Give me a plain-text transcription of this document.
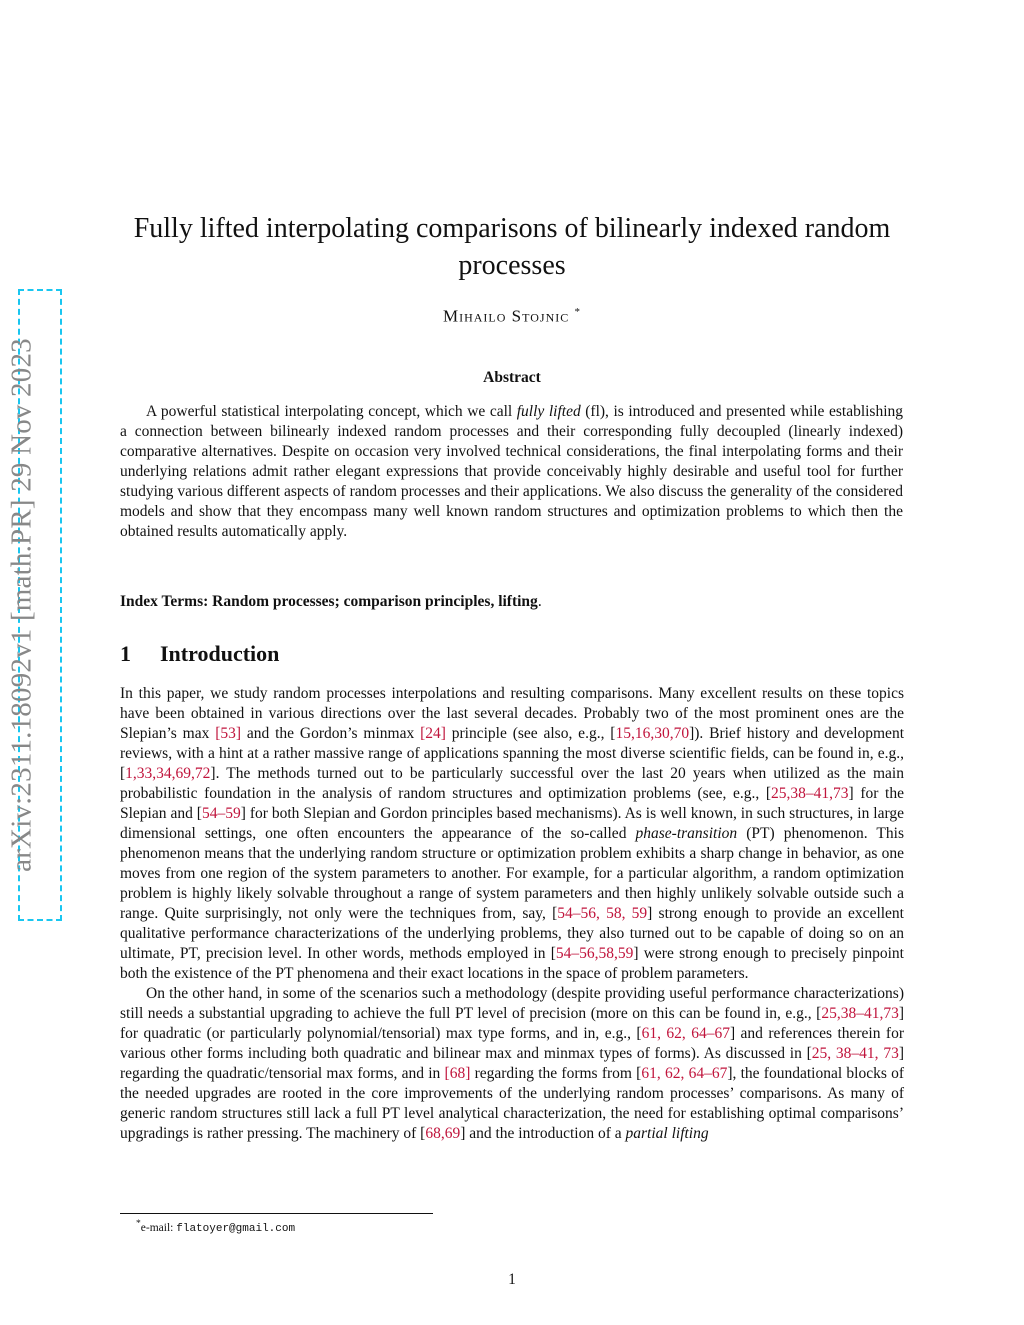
arXiv:2311.18092v1 [math.PR] 29 Nov 2023
Fully lifted interpolating comparisons of bilinearly indexed random processes
Mihailo Stojnic *
Abstract
A powerful statistical interpolating concept, which we call fully lifted (fl), is introduced and presented while establishing a connection between bilinearly indexed random processes and their corresponding fully decoupled (linearly indexed) comparative alternatives. Despite on occasion very involved technical considerations, the final interpolating forms and their underlying relations admit rather elegant expressions that provide conceivably highly desirable and useful tool for further studying various different aspects of random processes and their applications. We also discuss the generality of the considered models and show that they encompass many well known random structures and optimization problems to which then the obtained results automatically apply.
Index Terms: Random processes; comparison principles, lifting.
1 Introduction

In this paper, we study random processes interpolations and resulting comparisons. Many excellent results on these topics have been obtained in various directions over the last several decades. Probably two of the most prominent ones are the Slepian’s max [53] and the Gordon’s minmax [24] principle (see also, e.g., [15,16,30,70]). Brief history and development reviews, with a hint at a rather massive range of applications spanning the most diverse scientific fields, can be found in, e.g., [1,33,34,69,72]. The methods turned out to be particularly successful over the last 20 years when utilized as the main probabilistic foundation in the analysis of random structures and optimization problems (see, e.g., [25,38–41,73] for the Slepian and [54–59] for both Slepian and Gordon principles based mechanisms). As is well known, in such structures, in large dimensional settings, one often encounters the appearance of the so-called phase-transition (PT) phenomenon. This phenomenon means that the underlying random structure or optimization problem exhibits a sharp change in behavior, as one moves from one region of the system parameters to another. For example, for a particular algorithm, a random optimization problem is highly likely solvable throughout a range of system parameters and then highly unlikely solvable outside such a range. Quite surprisingly, not only were the techniques from, say, [54–56, 58, 59] strong enough to provide an excellent qualitative performance characterizations of the underlying problems, they also turned out to be capable of doing so on an ultimate, PT, precision level. In other words, methods employed in [54–56,58,59] were strong enough to precisely pinpoint both the existence of the PT phenomena and their exact locations in the space of problem parameters.

On the other hand, in some of the scenarios such a methodology (despite providing useful performance characterizations) still needs a substantial upgrading to achieve the full PT level of precision (more on this can be found in, e.g., [25,38–41,73] for quadratic (or particularly polynomial/tensorial) max type forms, and in, e.g., [61, 62, 64–67] and references therein for various other forms including both quadratic and bilinear max and minmax types of forms). As discussed in [25, 38–41, 73] regarding the quadratic/tensorial max forms, and in [68] regarding the forms from [61, 62, 64–67], the foundational blocks of the needed upgrades are rooted in the core improvements of the underlying random processes’ comparisons. As many of generic random structures still lack a full PT level analytical characterization, the need for establishing optimal comparisons’ upgradings is rather pressing. The machinery of [68,69] and the introduction of a partial lifting

*e-mail: flatoyer@gmail.com
1
